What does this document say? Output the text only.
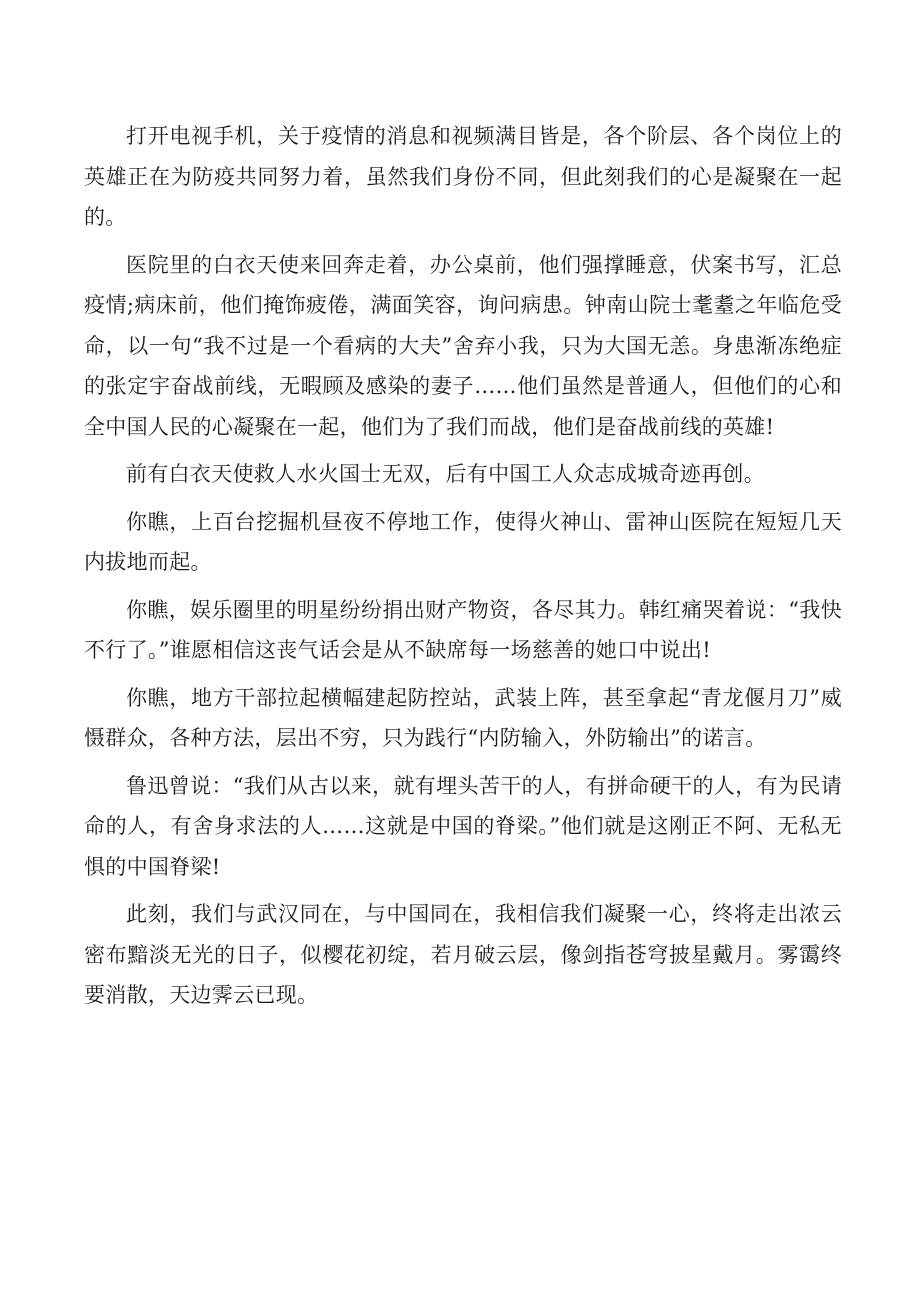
打开电视手机，关于疫情的消息和视频满目皆是，各个阶层、各个岗位上的英雄正在为防疫共同努力着，虽然我们身份不同，但此刻我们的心是凝聚在一起的。

医院里的白衣天使来回奔走着，办公桌前，他们强撑睡意，伏案书写，汇总疫情;病床前，他们掩饰疲倦，满面笑容，询问病患。钟南山院士耄耋之年临危受命，以一句“我不过是一个看病的大夫”舍弃小我，只为大国无恙。身患渐冻绝症的张定宇奋战前线，无暇顾及感染的妻子……他们虽然是普通人，但他们的心和全中国人民的心凝聚在一起，他们为了我们而战，他们是奋战前线的英雄!

前有白衣天使救人水火国士无双，后有中国工人众志成城奇迹再创。

你瞧，上百台挖掘机昼夜不停地工作，使得火神山、雷神山医院在短短几天内拔地而起。

你瞧，娱乐圈里的明星纷纷捐出财产物资，各尽其力。韩红痛哭着说：“我快不行了。”谁愿相信这丧气话会是从不缺席每一场慈善的她口中说出!

你瞧，地方干部拉起横幅建起防控站，武装上阵，甚至拿起“青龙偃月刀”威慑群众，各种方法，层出不穷，只为践行“内防输入，外防输出”的诺言。

鲁迅曾说：“我们从古以来，就有埋头苦干的人，有拼命硬干的人，有为民请命的人，有舍身求法的人……这就是中国的脊梁。”他们就是这刚正不阿、无私无惧的中国脊梁!

此刻，我们与武汉同在，与中国同在，我相信我们凝聚一心，终将走出浓云密布黯淡无光的日子，似樱花初绽，若月破云层，像剑指苍穹披星戴月。雾霭终要消散，天边霁云已现。
